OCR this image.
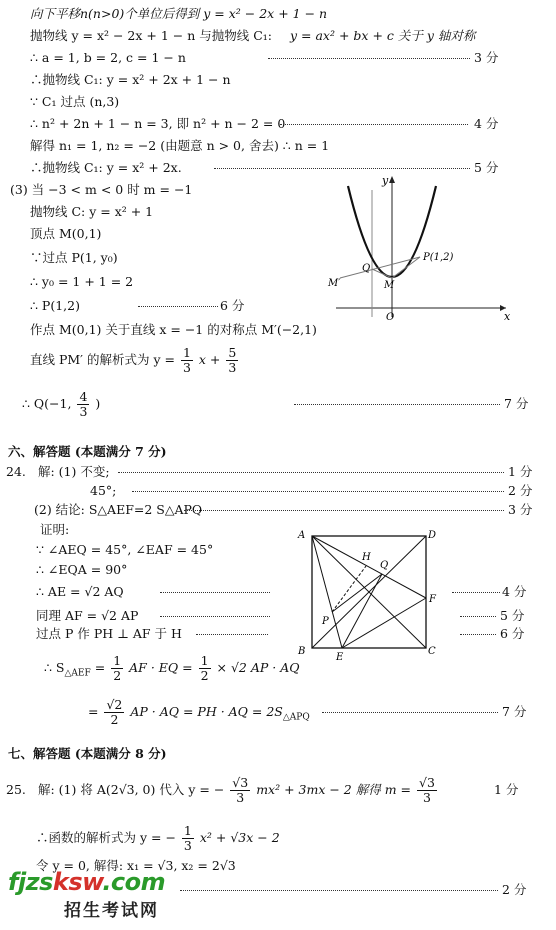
向下平移n(n>0)个单位后得到 y = x² − 2x + 1 − n
抛物线 y = x² − 2x + 1 − n 与抛物线 C₁: y = ax² + bx + c 关于 y 轴对称
∴ a = 1, b = 2, c = 1 − n	3 分
∴抛物线 C₁: y = x² + 2x + 1 − n
∵ C₁ 过点 (n,3)
∴ n² + 2n + 1 − n = 3, 即 n² + n − 2 = 0	4 分
解得 n₁ = 1, n₂ = −2 (由题意 n > 0, 舍去) ∴ n = 1
∴抛物线 C₁: y = x² + 2x.	5 分
(3) 当 −3 < m < 0 时 m = −1
抛物线 C: y = x² + 1
顶点 M(0,1)
∵过点 P(1, y₀)
∴ y₀ = 1 + 1 = 2
∴ P(1,2)	6 分
作点 M(0,1) 关于直线 x = −1 的对称点 M′(−2,1)
直线 PM′ 的解析式为 $y = \frac{1}{3}$ $x + \frac{5}{3}$
∴ Q(−1, $\frac{4}{3}$ )	7 分
x
y
O
M
M′
Q
P(1,2)
六、解答题 (本题满分 7 分)
24. 解: (1) 不变;	1 分
45°;	2 分
(2) 结论: S△AEF=2 S△APQ	3 分
证明:
∵ ∠AEQ = 45°, ∠EAF = 45°
∴ ∠EQA = 90°
∴ AE = √2 AQ	4 分
同理 AF = √2 AP	5 分
过点 P 作 PH ⊥ AF 于 H	6 分
∴ $S_{\triangle AEF} = \frac{1}{2}$ AF · EQ = $\frac{1}{2} \times √2$ AP · AQ
= $\frac{√2}{2}$ AP · AQ = PH · AQ = $2S_{\triangle APQ}$	7 分
A	D
H
Q
F
P
B
E
C
七、解答题 (本题满分 8 分)
25. 解: (1) 将 A(2√3, 0) 代入 y = − $\frac{√3}{3} mx^2 + 3mx - 2$ 解得 $m = \frac{√3}{3}$	1 分
∴函数的解析式为 y = − $\frac{1}{3} x^2 + √3x - 2$
令 y = 0, 解得: x₁ = √3, x₂ = 2√3
2 分
fjzsksw.com
招生考试网
